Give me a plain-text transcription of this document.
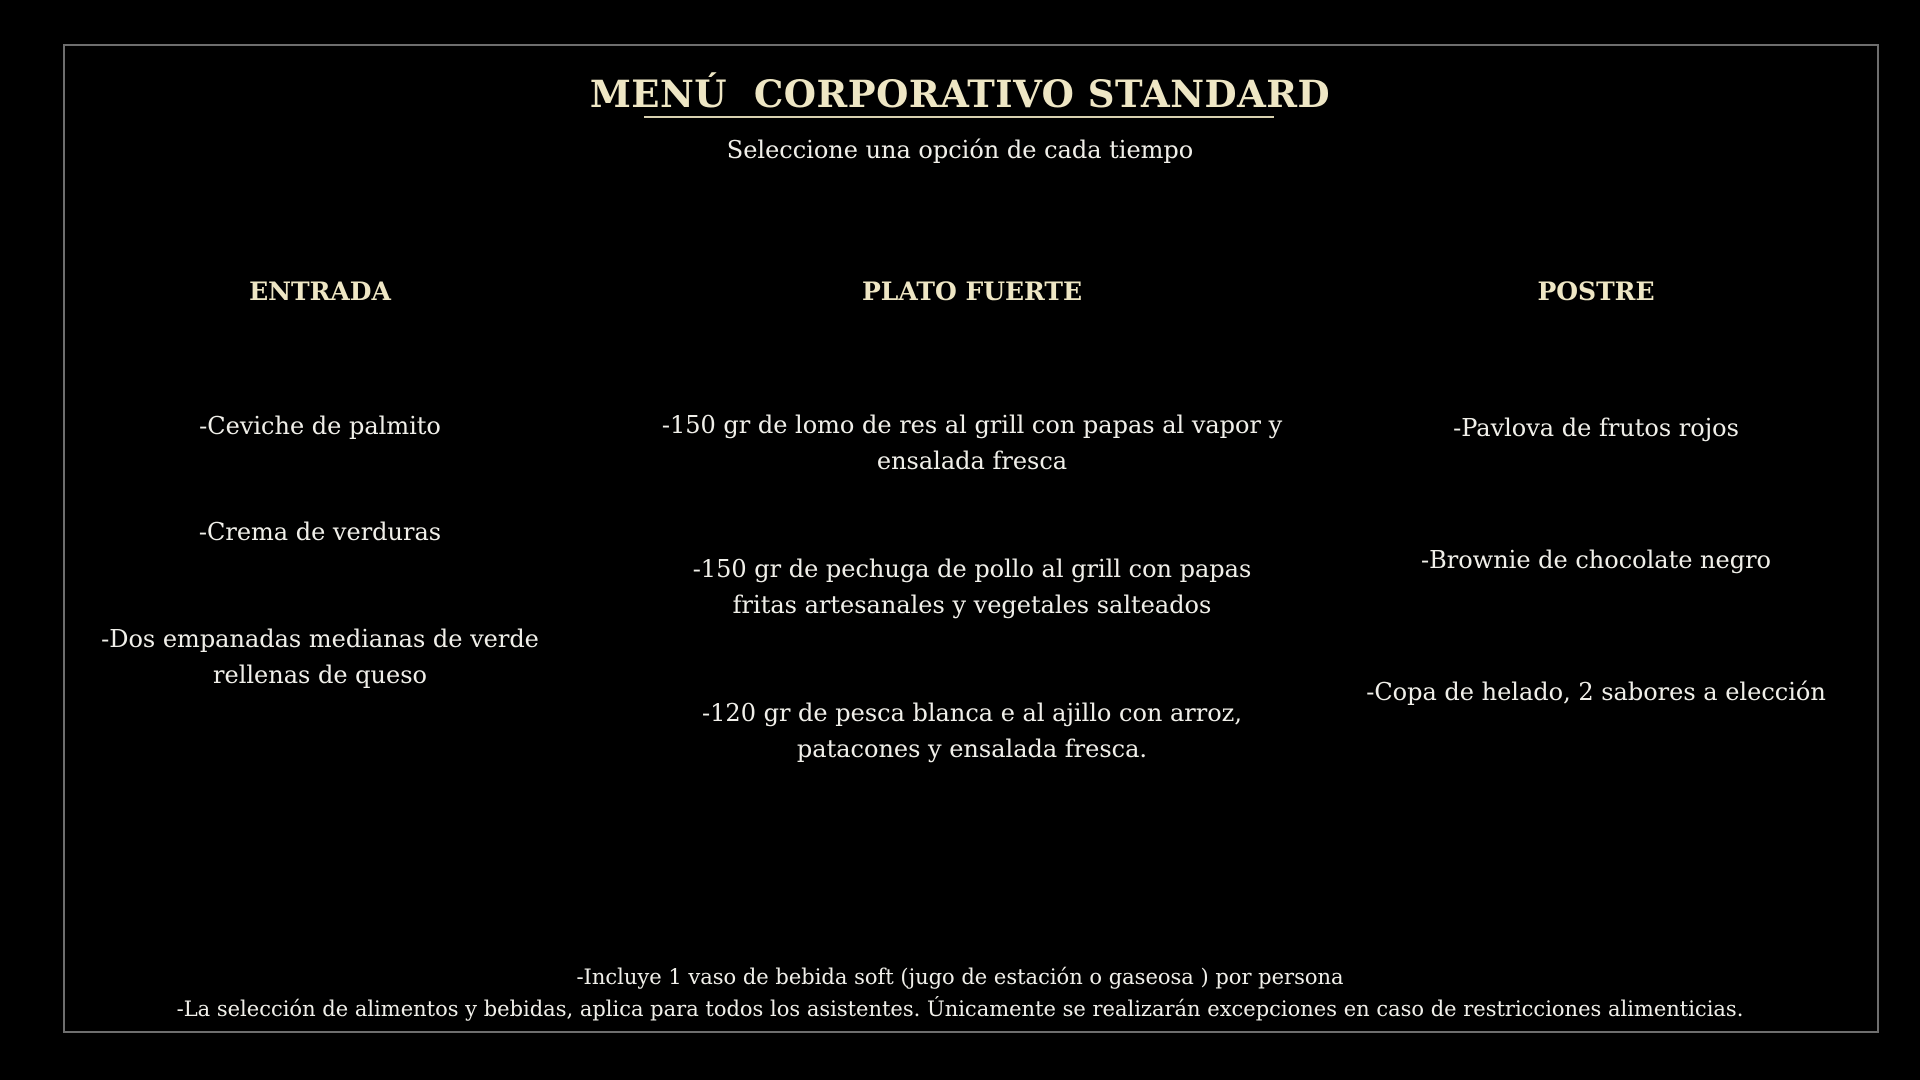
MENÚ  CORPORATIVO STANDARD
Seleccione una opción de cada tiempo
ENTRADA
-Ceviche de palmito
-Crema de verduras
-Dos empanadas medianas de verde rellenas de queso
PLATO FUERTE
-150 gr de lomo de res al grill con papas al vapor y ensalada fresca
-150 gr de pechuga de pollo al grill con papas fritas artesanales y vegetales salteados
-120 gr de pesca blanca e al ajillo con arroz, patacones y ensalada fresca.
POSTRE
-Pavlova de frutos rojos
-Brownie de chocolate negro
-Copa de helado, 2 sabores a elección
-Incluye 1 vaso de bebida soft (jugo de estación o gaseosa ) por persona
-La selección de alimentos y bebidas, aplica para todos los asistentes. Únicamente se realizarán excepciones en caso de restricciones alimenticias.
